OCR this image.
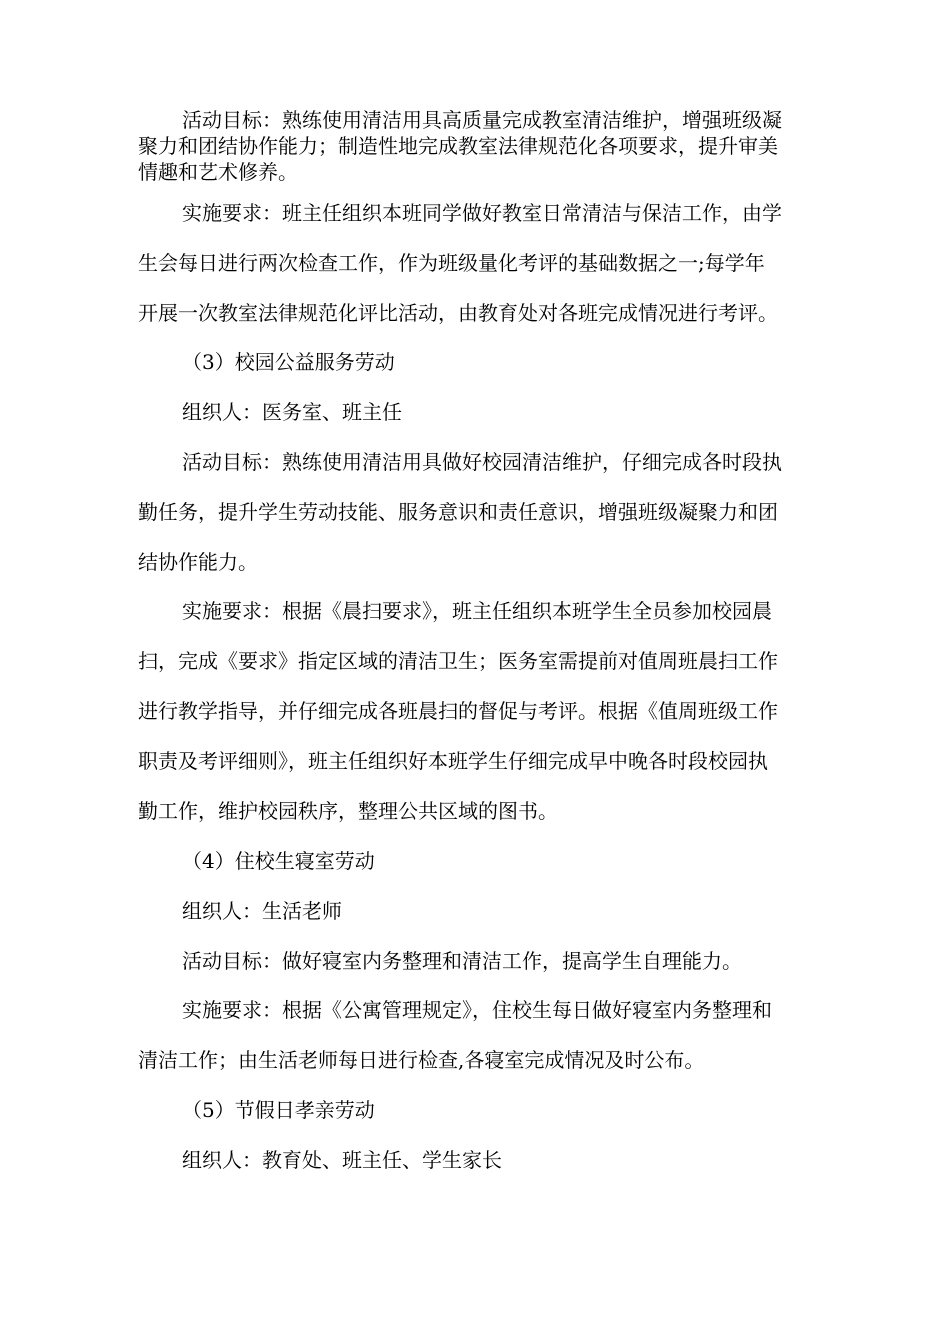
活动目标：熟练使用清洁用具高质量完成教室清洁维护，增强班级凝
聚力和团结协作能力；制造性地完成教室法律规范化各项要求，提升审美
情趣和艺术修养。

实施要求：班主任组织本班同学做好教室日常清洁与保洁工作，由学
生会每日进行两次检查工作，作为班级量化考评的基础数据之一;每学年
开展一次教室法律规范化评比活动，由教育处对各班完成情况进行考评。

（3）校园公益服务劳动

组织人：医务室、班主任

活动目标：熟练使用清洁用具做好校园清洁维护，仔细完成各时段执
勤任务，提升学生劳动技能、服务意识和责任意识，增强班级凝聚力和团
结协作能力。

实施要求：根据《晨扫要求》，班主任组织本班学生全员参加校园晨
扫，完成《要求》指定区域的清洁卫生；医务室需提前对值周班晨扫工作
进行教学指导，并仔细完成各班晨扫的督促与考评。根据《值周班级工作
职责及考评细则》，班主任组织好本班学生仔细完成早中晚各时段校园执
勤工作，维护校园秩序，整理公共区域的图书。

（4）住校生寝室劳动

组织人：生活老师

活动目标：做好寝室内务整理和清洁工作，提高学生自理能力。

实施要求：根据《公寓管理规定》，住校生每日做好寝室内务整理和
清洁工作；由生活老师每日进行检查,各寝室完成情况及时公布。

（5）节假日孝亲劳动

组织人：教育处、班主任、学生家长
